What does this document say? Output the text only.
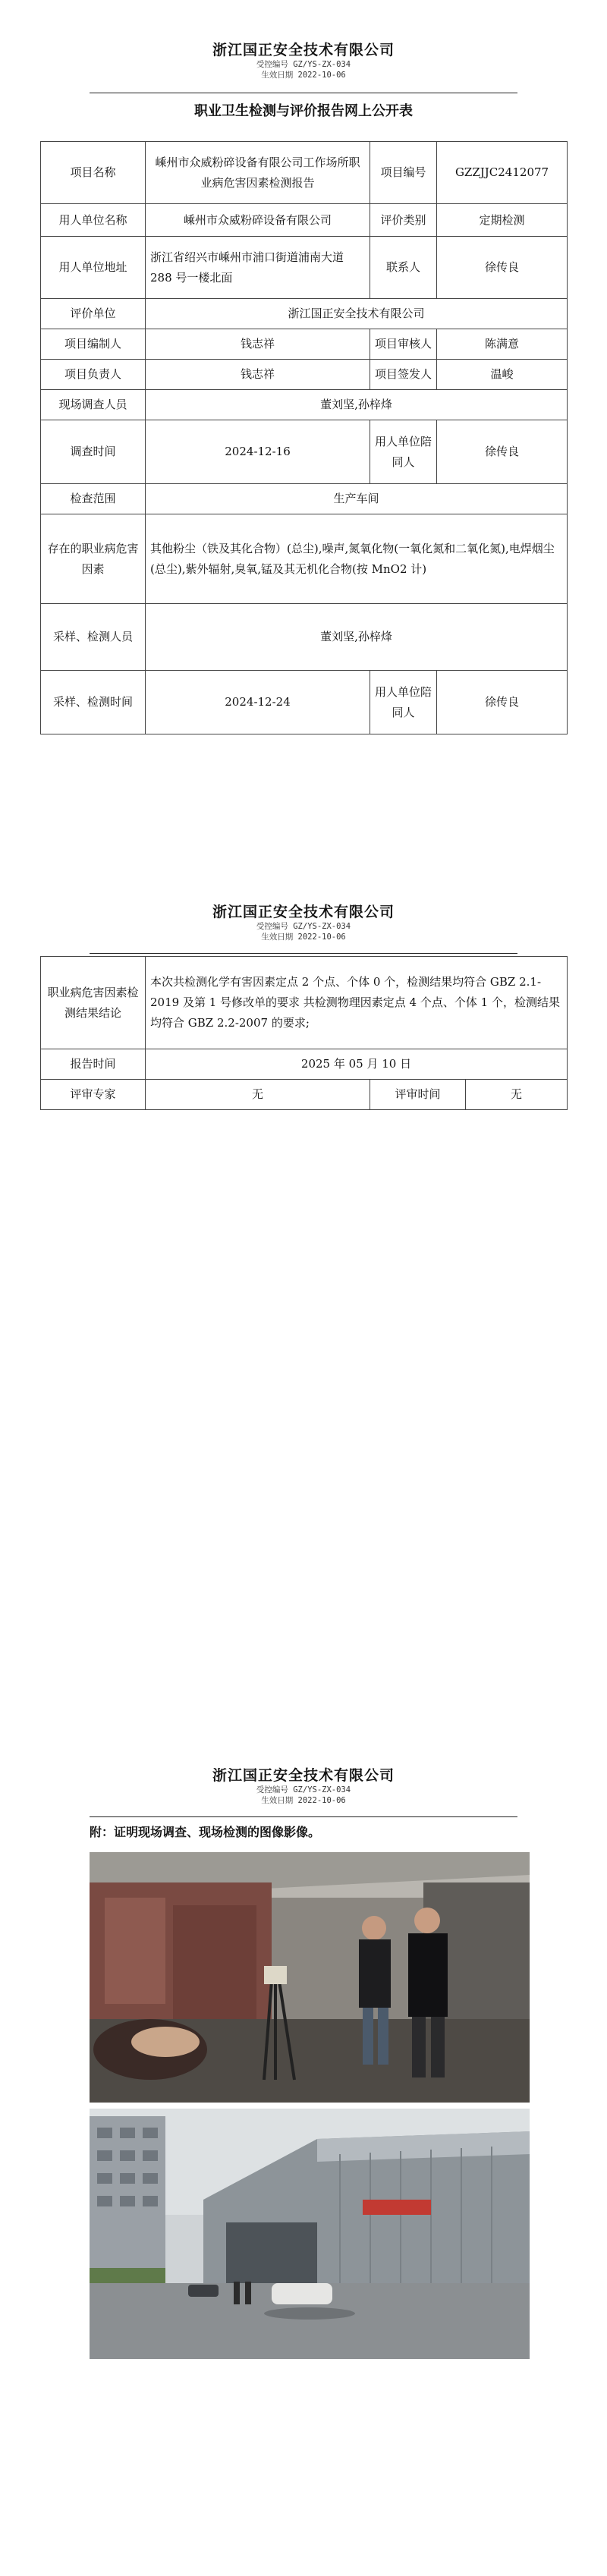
浙江国正安全技术有限公司
受控编号 GZ/YS-ZX-034
生效日期 2022-10-06
职业卫生检测与评价报告网上公开表
项目名称	嵊州市众威粉碎设备有限公司工作场所职业病危害因素检测报告	项目编号	GZZJJC2412077
用人单位名称	嵊州市众威粉碎设备有限公司	评价类别	定期检测
用人单位地址	浙江省绍兴市嵊州市浦口街道浦南大道 288 号一楼北面	联系人	徐传良
评价单位	浙江国正安全技术有限公司		
项目编制人	钱志祥	项目审核人	陈满意
项目负责人	钱志祥	项目签发人	温峻
现场调查人员	董刘坚,孙梓烽		
调查时间	2024-12-16	用人单位陪同人	徐传良
检查范围	生产车间		
存在的职业病危害因素	其他粉尘（铁及其化合物）(总尘),噪声,氮氧化物(一氧化氮和二氧化氮),电焊烟尘(总尘),紫外辐射,臭氧,锰及其无机化合物(按 MnO2 计)		
采样、检测人员	董刘坚,孙梓烽		
采样、检测时间	2024-12-24	用人单位陪同人	徐传良
浙江国正安全技术有限公司
受控编号 GZ/YS-ZX-034
生效日期 2022-10-06
职业病危害因素检测结果结论	本次共检测化学有害因素定点 2 个点、个体 0 个，检测结果均符合 GBZ 2.1-2019 及第 1 号修改单的要求 共检测物理因素定点 4 个点、个体 1 个，检测结果均符合 GBZ 2.2-2007 的要求;		
报告时间	2025 年 05 月 10 日		
评审专家	无	评审时间	无
浙江国正安全技术有限公司
受控编号 GZ/YS-ZX-034
生效日期 2022-10-06
附：证明现场调查、现场检测的图像影像。
